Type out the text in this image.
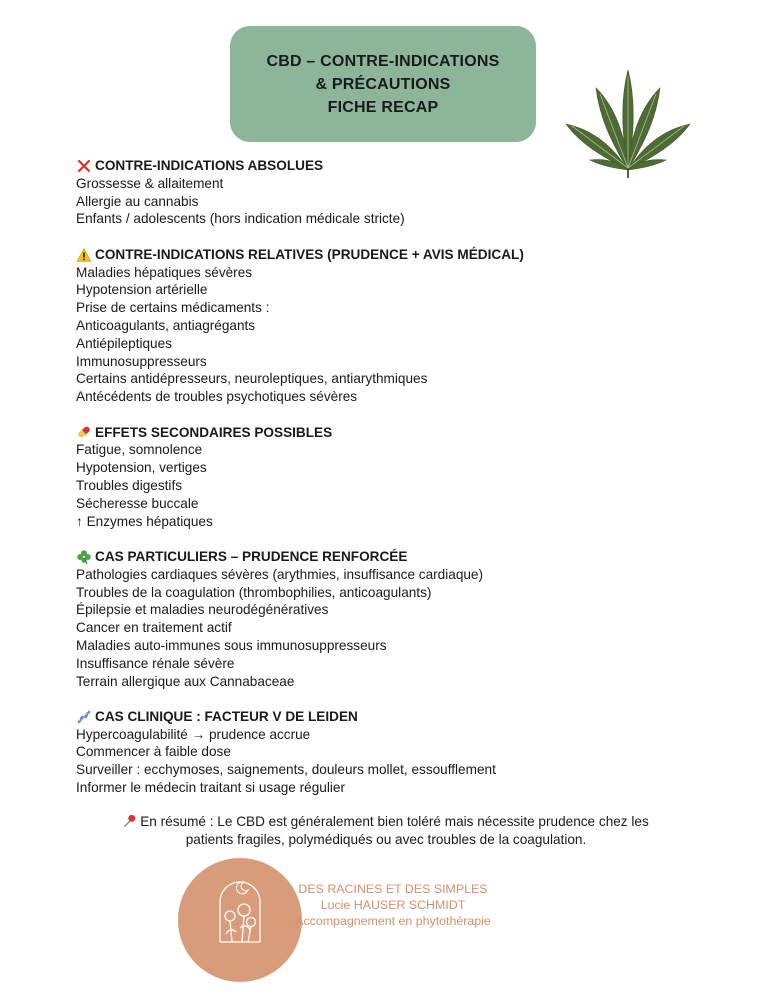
CBD – CONTRE-INDICATIONS
& PRÉCAUTIONS
FICHE RECAP
CONTRE-INDICATIONS ABSOLUES
Grossesse & allaitement
Allergie au cannabis
Enfants / adolescents (hors indication médicale stricte)
CONTRE-INDICATIONS RELATIVES (PRUDENCE + AVIS MÉDICAL)
Maladies hépatiques sévères
Hypotension artérielle
Prise de certains médicaments :
Anticoagulants, antiagrégants
Antiépileptiques
Immunosuppresseurs
Certains antidépresseurs, neuroleptiques, antiarythmiques
Antécédents de troubles psychotiques sévères
EFFETS SECONDAIRES POSSIBLES
Fatigue, somnolence
Hypotension, vertiges
Troubles digestifs
Sécheresse buccale
↑ Enzymes hépatiques
CAS PARTICULIERS – PRUDENCE RENFORCÉE
Pathologies cardiaques sévères (arythmies, insuffisance cardiaque)
Troubles de la coagulation (thrombophilies, anticoagulants)
Épilepsie et maladies neurodégénératives
Cancer en traitement actif
Maladies auto-immunes sous immunosuppresseurs
Insuffisance rénale sévère
Terrain allergique aux Cannabaceae
CAS CLINIQUE : FACTEUR V DE LEIDEN
Hypercoagulabilité → prudence accrue
Commencer à faible dose
Surveiller : ecchymoses, saignements, douleurs mollet, essoufflement
Informer le médecin traitant si usage régulier
En résumé : Le CBD est généralement bien toléré mais nécessite prudence chez les
patients fragiles, polymédiqués ou avec troubles de la coagulation.
DES RACINES ET DES SIMPLES
Lucie HAUSER SCHMIDT
Accompagnement en phytothérapie
